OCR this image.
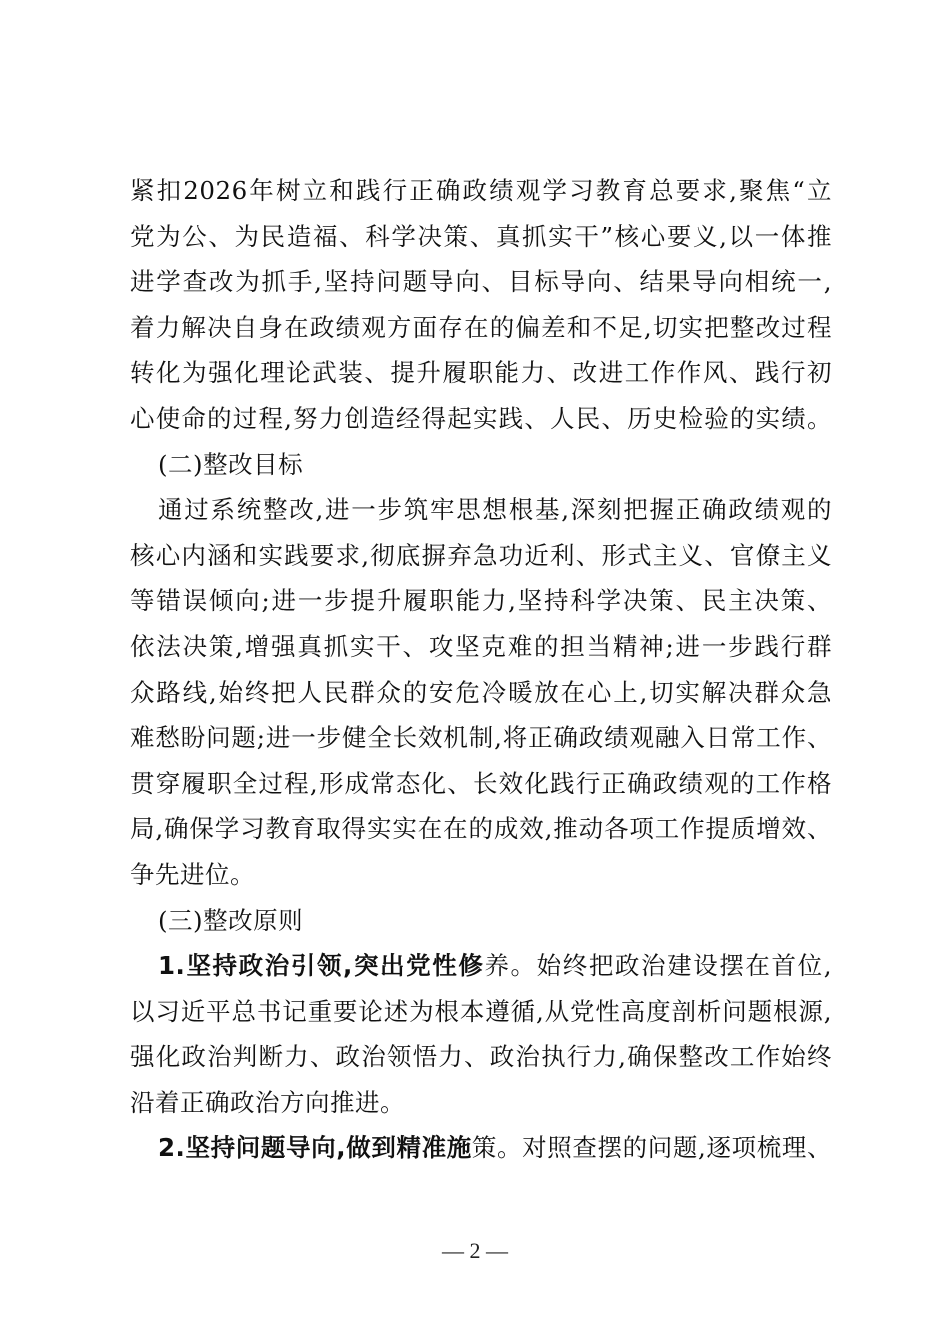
紧扣2026年树立和践行正确政绩观学习教育总要求,聚焦“立
党为公、为民造福、科学决策、真抓实干”核心要义,以一体推
进学查改为抓手,坚持问题导向、目标导向、结果导向相统一,
着力解决自身在政绩观方面存在的偏差和不足,切实把整改过程
转化为强化理论武装、提升履职能力、改进工作作风、践行初
心使命的过程,努力创造经得起实践、人民、历史检验的实绩。
(二)整改目标
通过系统整改,进一步筑牢思想根基,深刻把握正确政绩观的
核心内涵和实践要求,彻底摒弃急功近利、形式主义、官僚主义
等错误倾向;进一步提升履职能力,坚持科学决策、民主决策、
依法决策,增强真抓实干、攻坚克难的担当精神;进一步践行群
众路线,始终把人民群众的安危冷暖放在心上,切实解决群众急
难愁盼问题;进一步健全长效机制,将正确政绩观融入日常工作、
贯穿履职全过程,形成常态化、长效化践行正确政绩观的工作格
局,确保学习教育取得实实在在的成效,推动各项工作提质增效、
争先进位。
(三)整改原则
1.坚持政治引领,突出党性修养。始终把政治建设摆在首位,
以习近平总书记重要论述为根本遵循,从党性高度剖析问题根源,
强化政治判断力、政治领悟力、政治执行力,确保整改工作始终
沿着正确政治方向推进。
2.坚持问题导向,做到精准施策。对照查摆的问题,逐项梳理、
— 2 —
